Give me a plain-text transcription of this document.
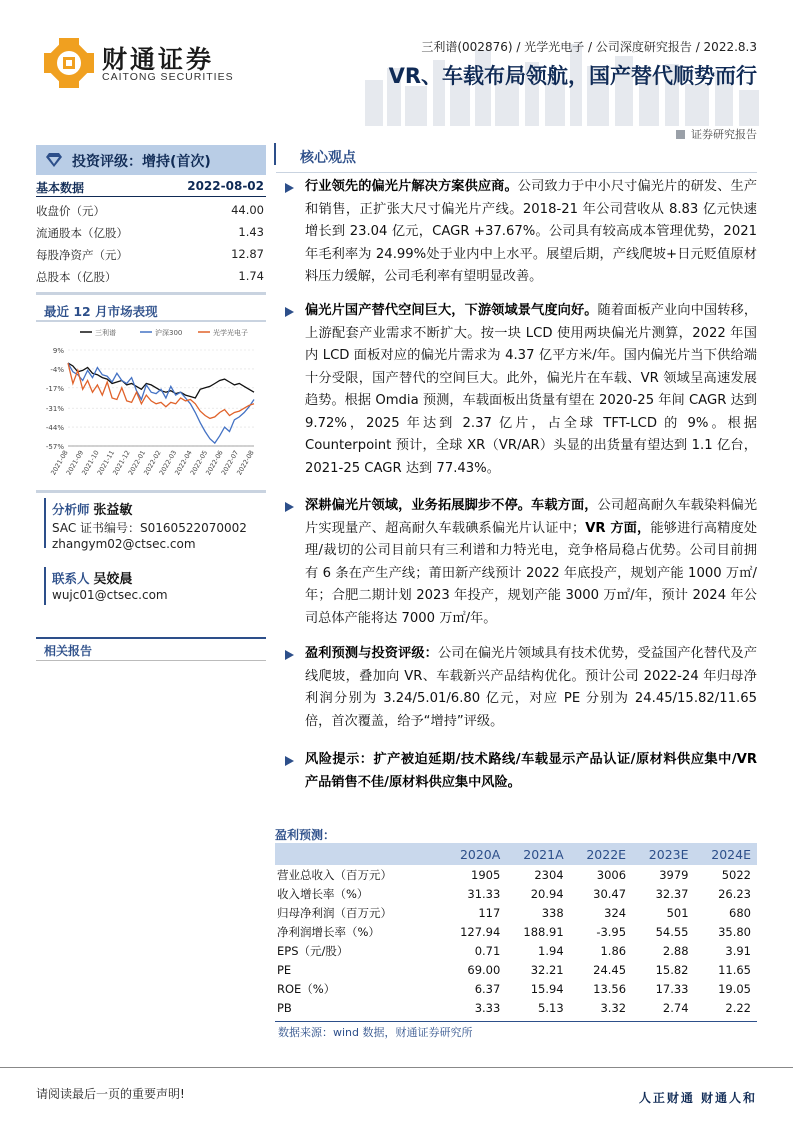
财通证券
CAITONG SECURITIES
三利谱(002876) / 光学光电子 / 公司深度研究报告 / 2022.8.3
VR、车载布局领航，国产替代顺势而行
证券研究报告
投资评级：增持(首次)
基本数据	2022-08-02
收盘价（元）	44.00
流通股本（亿股）	1.43
每股净资产（元）	12.87
总股本（亿股）	1.74
最近 12 月市场表现
三利谱	沪深300	光学光电子
9%
-4%
-17%
-31%
-44%
-57%
2021-08
2021-09
2021-10
2021-11
2021-12
2022-01
2022-02
2022-03
2022-04
2022-05
2022-06
2022-07
2022-08
分析师 张益敏
SAC 证书编号：S0160522070002
zhangym02@ctsec.com
联系人 吴姣晨
wujc01@ctsec.com
相关报告
核心观点
行业领先的偏光片解决方案供应商。公司致力于中小尺寸偏光片的研发、生产和销售，正扩张大尺寸偏光片产线。2018-21 年公司营收从 8.83 亿元快速增长到 23.04 亿元，CAGR +37.67%。公司具有较高成本管理优势，2021 年毛利率为 24.99%处于业内中上水平。展望后期，产线爬坡+日元贬值原材料压力缓解，公司毛利率有望明显改善。
偏光片国产替代空间巨大，下游领域景气度向好。随着面板产业向中国转移，上游配套产业需求不断扩大。按一块 LCD 使用两块偏光片测算，2022 年国内 LCD 面板对应的偏光片需求为 4.37 亿平方米/年。国内偏光片当下供给端十分受限，国产替代的空间巨大。此外，偏光片在车载、VR 领域呈高速发展趋势。根据 Omdia 预测，车载面板出货量有望在 2020-25 年间 CAGR 达到 9.72%，2025 年达到 2.37 亿片，占全球 TFT-LCD 的 9%。根据 Counterpoint 预计，全球 XR（VR/AR）头显的出货量有望达到 1.1 亿台，2021-25 CAGR 达到 77.43%。
深耕偏光片领域，业务拓展脚步不停。车载方面，公司超高耐久车载染料偏光片实现量产、超高耐久车载碘系偏光片认证中；VR 方面，能够进行高精度处理/裁切的公司目前只有三利谱和力特光电，竞争格局稳占优势。公司目前拥有 6 条在产生产线；莆田新产线预计 2022 年底投产，规划产能 1000 万㎡/年；合肥二期计划 2023 年投产，规划产能 3000 万㎡/年，预计 2024 年公司总体产能将达 7000 万㎡/年。
盈利预测与投资评级：公司在偏光片领域具有技术优势，受益国产化替代及产线爬坡，叠加向 VR、车载新兴产品结构优化。预计公司 2022-24 年归母净利润分别为 3.24/5.01/6.80 亿元，对应 PE 分别为 24.45/15.82/11.65 倍，首次覆盖，给予“增持”评级。
风险提示：扩产被迫延期/技术路线/车载显示产品认证/原材料供应集中/VR 产品销售不佳/原材料供应集中风险。
盈利预测：
	2020A	2021A	2022E	2023E	2024E
营业总收入（百万元）	1905	2304	3006	3979	5022
收入增长率（%）	31.33	20.94	30.47	32.37	26.23
归母净利润（百万元）	117	338	324	501	680
净利润增长率（%）	127.94	188.91	-3.95	54.55	35.80
EPS（元/股）	0.71	1.94	1.86	2.88	3.91
PE	69.00	32.21	24.45	15.82	11.65
ROE（%）	6.37	15.94	13.56	17.33	19.05
PB	3.33	5.13	3.32	2.74	2.22
数据来源：wind 数据，财通证券研究所
请阅读最后一页的重要声明!	人正财通 财通人和
